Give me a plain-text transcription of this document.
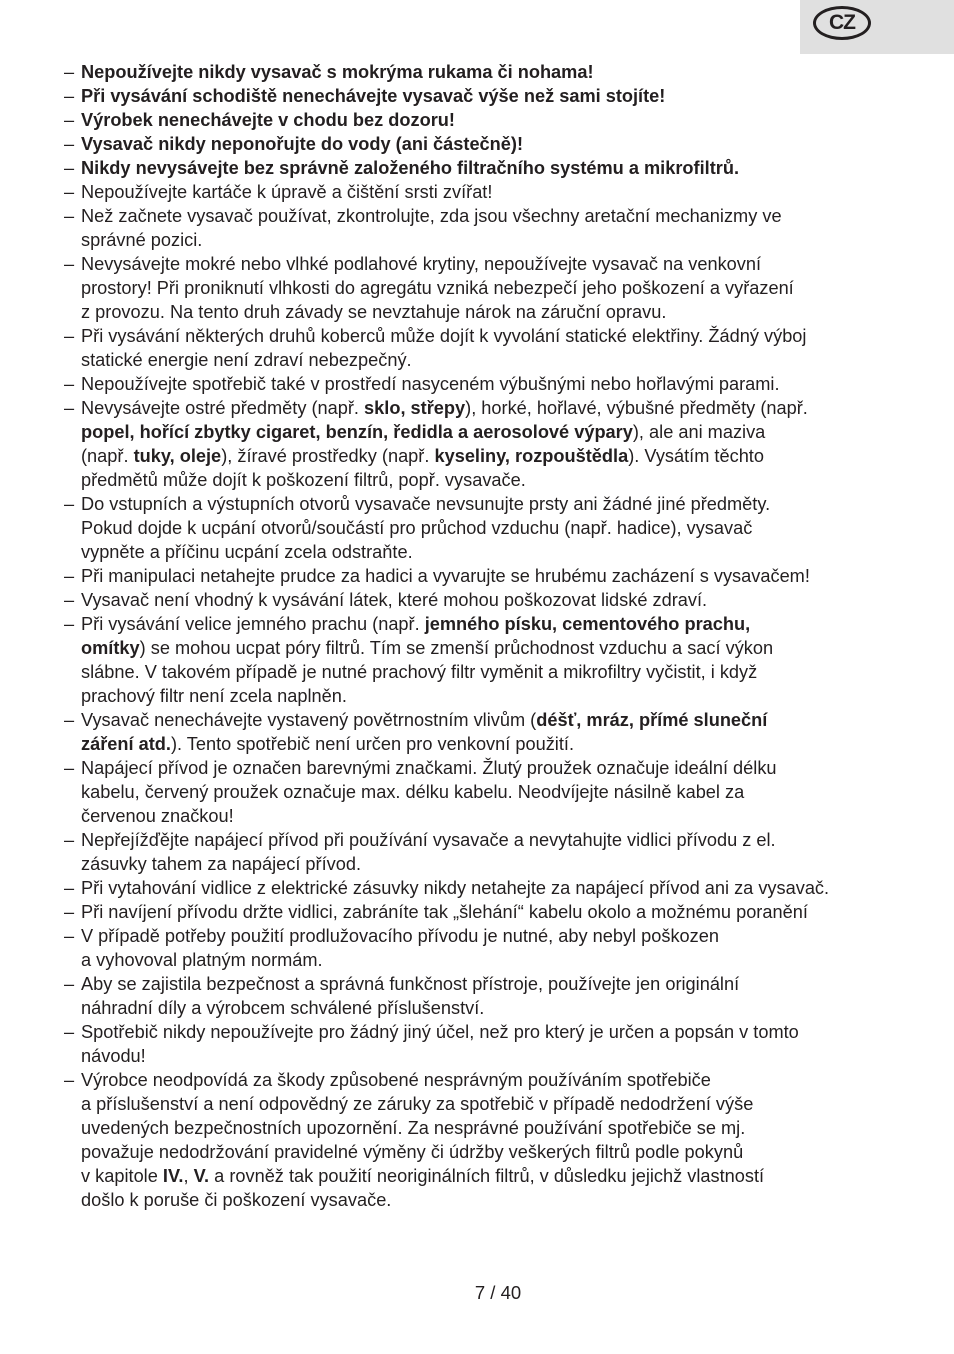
CZ
– Nepoužívejte nikdy vysavač s mokrýma rukama či nohama!
– Při vysávání schodiště nenechávejte vysavač výše než sami stojíte!
– Výrobek nenechávejte v chodu bez dozoru!
– Vysavač nikdy neponořujte do vody (ani částečně)!
– Nikdy nevysávejte bez správně založeného filtračního systému a mikrofiltrů.
– Nepoužívejte kartáče k úpravě a čištění srsti zvířat!
– Než začnete vysavač používat, zkontrolujte, zda jsou všechny aretační mechanizmy ve
správné pozici.
– Nevysávejte mokré nebo vlhké podlahové krytiny, nepoužívejte vysavač na venkovní
prostory! Při proniknutí vlhkosti do agregátu vzniká nebezpečí jeho poškození a vyřazení
z provozu. Na tento druh závady se nevztahuje nárok na záruční opravu.
– Při vysávání některých druhů koberců může dojít k vyvolání statické elektřiny. Žádný výboj
statické energie není zdraví nebezpečný.
– Nepoužívejte spotřebič také v prostředí nasyceném výbušnými nebo hořlavými parami.
– Nevysávejte ostré předměty (např. sklo, střepy), horké, hořlavé, výbušné předměty (např.
popel, hořící zbytky cigaret, benzín, ředidla a aerosolové výpary), ale ani maziva
(např. tuky, oleje), žíravé prostředky (např. kyseliny, rozpouštědla). Vysátím těchto
předmětů může dojít k poškození filtrů, popř. vysavače.
– Do vstupních a výstupních otvorů vysavače nevsunujte prsty ani žádné jiné předměty.
Pokud dojde k ucpání otvorů/součástí pro průchod vzduchu (např. hadice), vysavač
vypněte a příčinu ucpání zcela odstraňte.
– Při manipulaci netahejte prudce za hadici a vyvarujte se hrubému zacházení s vysavačem!
– Vysavač není vhodný k vysávání látek, které mohou poškozovat lidské zdraví.
– Při vysávání velice jemného prachu (např. jemného písku, cementového prachu,
omítky) se mohou ucpat póry filtrů. Tím se zmenší průchodnost vzduchu a sací výkon
slábne. V takovém případě je nutné prachový filtr vyměnit a mikrofiltry vyčistit, i když
prachový filtr není zcela naplněn.
– Vysavač nenechávejte vystavený povětrnostním vlivům (déšť, mráz, přímé sluneční
záření atd.). Tento spotřebič není určen pro venkovní použití.
– Napájecí přívod je označen barevnými značkami. Žlutý proužek označuje ideální délku
kabelu, červený proužek označuje max. délku kabelu. Neodvíjejte násilně kabel za
červenou značkou!
– Nepřejížďějte napájecí přívod při používání vysavače a nevytahujte vidlici přívodu z el.
zásuvky tahem za napájecí přívod.
– Při vytahování vidlice z elektrické zásuvky nikdy netahejte za napájecí přívod ani za vysavač.
– Při navíjení přívodu držte vidlici, zabráníte tak „šlehání“ kabelu okolo a možnému poranění
– V případě potřeby použití prodlužovacího přívodu je nutné, aby nebyl poškozen
a vyhovoval platným normám.
– Aby se zajistila bezpečnost a správná funkčnost přístroje, používejte jen originální
náhradní díly a výrobcem schválené příslušenství.
– Spotřebič nikdy nepoužívejte pro žádný jiný účel, než pro který je určen a popsán v tomto
návodu!
– Výrobce neodpovídá za škody způsobené nesprávným používáním spotřebiče
a příslušenství a není odpovědný ze záruky za spotřebič v případě nedodržení výše
uvedených bezpečnostních upozornění. Za nesprávné používání spotřebiče se mj.
považuje nedodržování pravidelné výměny či údržby veškerých filtrů podle pokynů
v kapitole IV., V. a rovněž tak použití neoriginálních filtrů, v důsledku jejichž vlastností
došlo k poruše či poškození vysavače.
7 / 40
